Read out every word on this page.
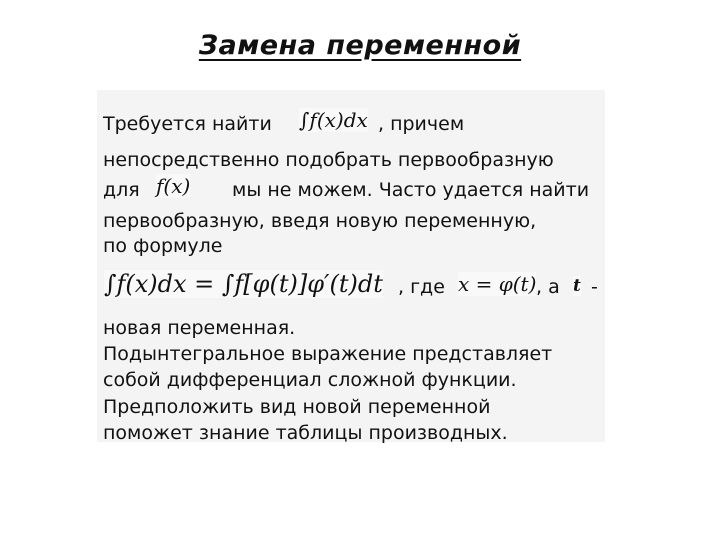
Замена переменной
Требуется найти ∫f(x)dx , причем
непосредственно подобрать первообразную
для f(x) мы не можем. Часто удается найти
первообразную, введя новую переменную,
по формуле
∫f(x)dx = ∫f[φ(t)]φ′(t)dt , где x = φ(t) , а t -
новая переменная.
Подынтегральное выражение представляет
собой дифференциал сложной функции.
Предположить вид новой переменной
поможет знание таблицы производных.
